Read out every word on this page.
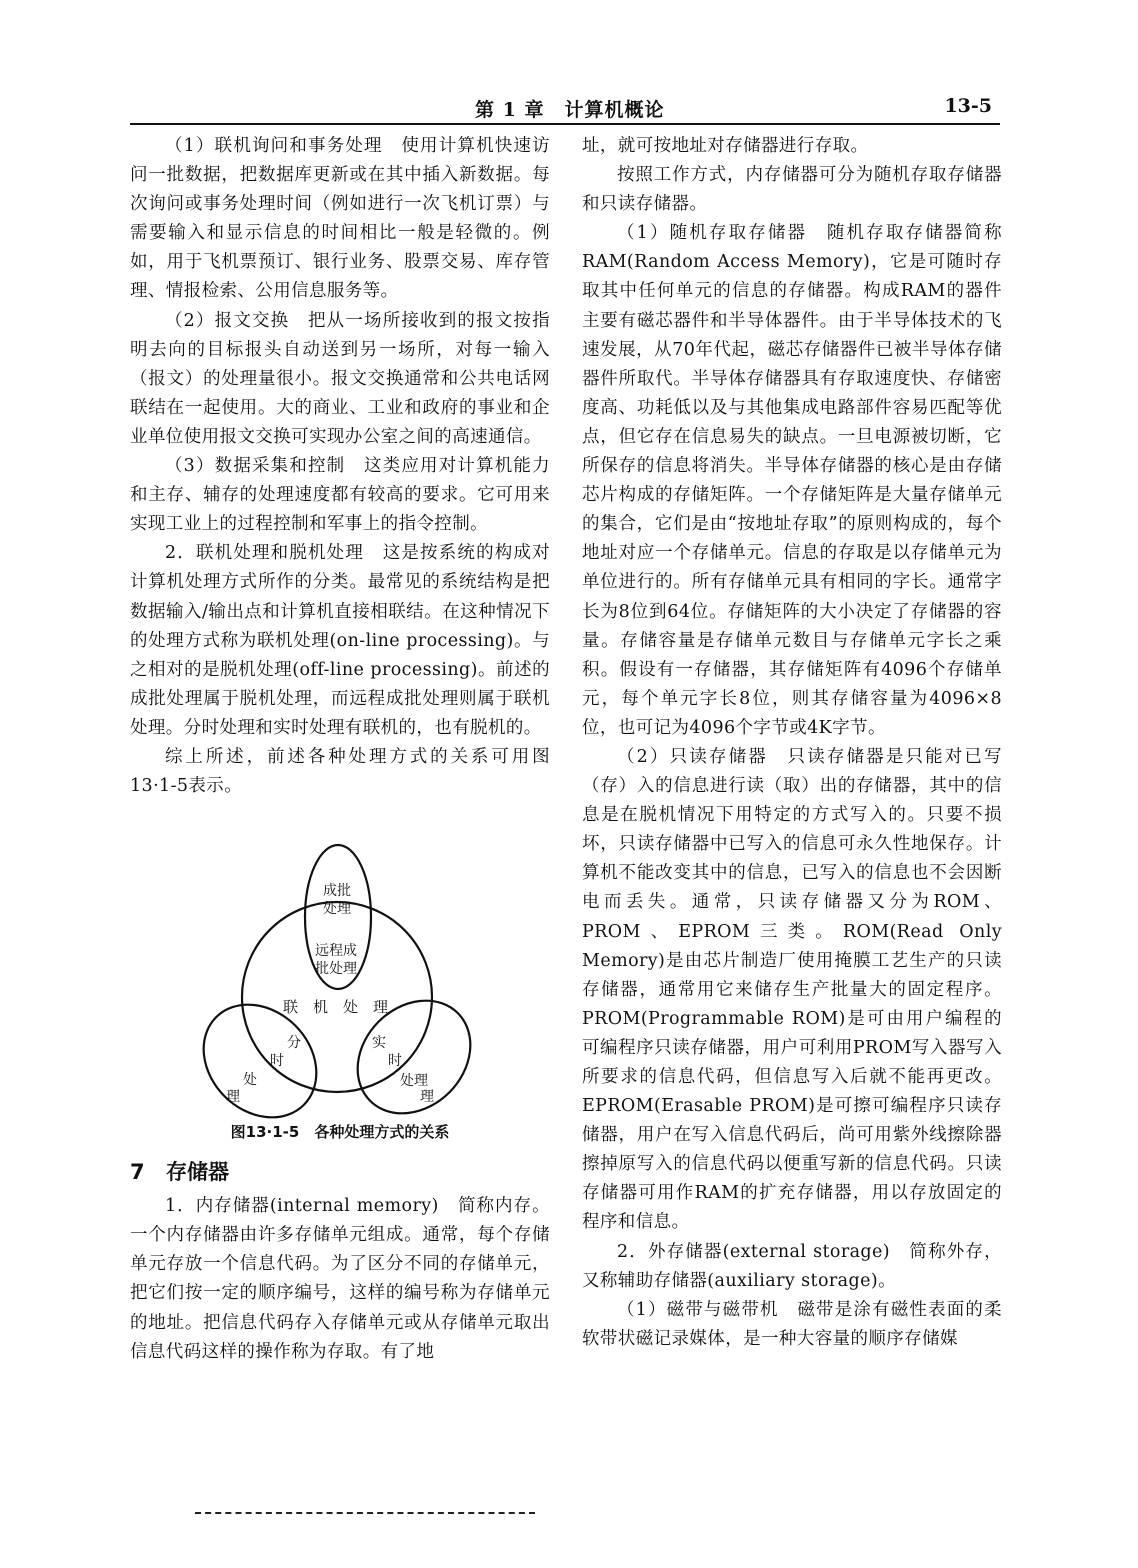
第 1 章　计算机概论	13-5

（1）联机询问和事务处理　使用计算机快速访问一批数据，把数据库更新或在其中插入新数据。每次询问或事务处理时间（例如进行一次飞机订票）与需要输入和显示信息的时间相比一般是轻微的。例如，用于飞机票预订、银行业务、股票交易、库存管理、情报检索、公用信息服务等。

（2）报文交换　把从一场所接收到的报文按指明去向的目标报头自动送到另一场所，对每一输入（报文）的处理量很小。报文交换通常和公共电话网联结在一起使用。大的商业、工业和政府的事业和企业单位使用报文交换可实现办公室之间的高速通信。

（3）数据采集和控制　这类应用对计算机能力和主存、辅存的处理速度都有较高的要求。它可用来实现工业上的过程控制和军事上的指令控制。

2．联机处理和脱机处理　这是按系统的构成对计算机处理方式所作的分类。最常见的系统结构是把数据输入/输出点和计算机直接相联结。在这种情况下的处理方式称为联机处理(on-line processing)。与之相对的是脱机处理(off-line processing)。前述的成批处理属于脱机处理，而远程成批处理则属于联机处理。分时处理和实时处理有联机的，也有脱机的。

综上所述，前述各种处理方式的关系可用图13·1-5表示。

成批
处理
远程成
批处理
联　机　处　理
分
时
处
理
实
时
处理
理
图13·1-5　各种处理方式的关系
7 存储器

1．内存储器(internal memory)　简称内存。一个内存储器由许多存储单元组成。通常，每个存储单元存放一个信息代码。为了区分不同的存储单元，把它们按一定的顺序编号，这样的编号称为存储单元的地址。把信息代码存入存储单元或从存储单元取出信息代码这样的操作称为存取。有了地

址，就可按地址对存储器进行存取。

按照工作方式，内存储器可分为随机存取存储器和只读存储器。

（1）随机存取存储器　随机存取存储器简称RAM(Random Access Memory)，它是可随时存取其中任何单元的信息的存储器。构成RAM的器件主要有磁芯器件和半导体器件。由于半导体技术的飞速发展，从70年代起，磁芯存储器件已被半导体存储器件所取代。半导体存储器具有存取速度快、存储密度高、功耗低以及与其他集成电路部件容易匹配等优点，但它存在信息易失的缺点。一旦电源被切断，它所保存的信息将消失。半导体存储器的核心是由存储芯片构成的存储矩阵。一个存储矩阵是大量存储单元的集合，它们是由“按地址存取”的原则构成的，每个地址对应一个存储单元。信息的存取是以存储单元为单位进行的。所有存储单元具有相同的字长。通常字长为8位到64位。存储矩阵的大小决定了存储器的容量。存储容量是存储单元数目与存储单元字长之乘积。假设有一存储器，其存储矩阵有4096个存储单元，每个单元字长8位，则其存储容量为4096×8位，也可记为4096个字节或4K字节。

（2）只读存储器　只读存储器是只能对已写（存）入的信息进行读（取）出的存储器，其中的信息是在脱机情况下用特定的方式写入的。只要不损坏，只读存储器中已写入的信息可永久性地保存。计算机不能改变其中的信息，已写入的信息也不会因断电而丢失。通常，只读存储器又分为ROM、PROM、EPROM三类。ROM(Read Only Memory)是由芯片制造厂使用掩膜工艺生产的只读存储器，通常用它来储存生产批量大的固定程序。PROM(Programmable ROM)是可由用户编程的可编程序只读存储器，用户可利用PROM写入器写入所要求的信息代码，但信息写入后就不能再更改。EPROM(Erasable PROM)是可擦可编程序只读存储器，用户在写入信息代码后，尚可用紫外线擦除器擦掉原写入的信息代码以便重写新的信息代码。只读存储器可用作RAM的扩充存储器，用以存放固定的程序和信息。

2．外存储器(external storage)　简称外存，又称辅助存储器(auxiliary storage)。

（1）磁带与磁带机　磁带是涂有磁性表面的柔软带状磁记录媒体，是一种大容量的顺序存储媒
